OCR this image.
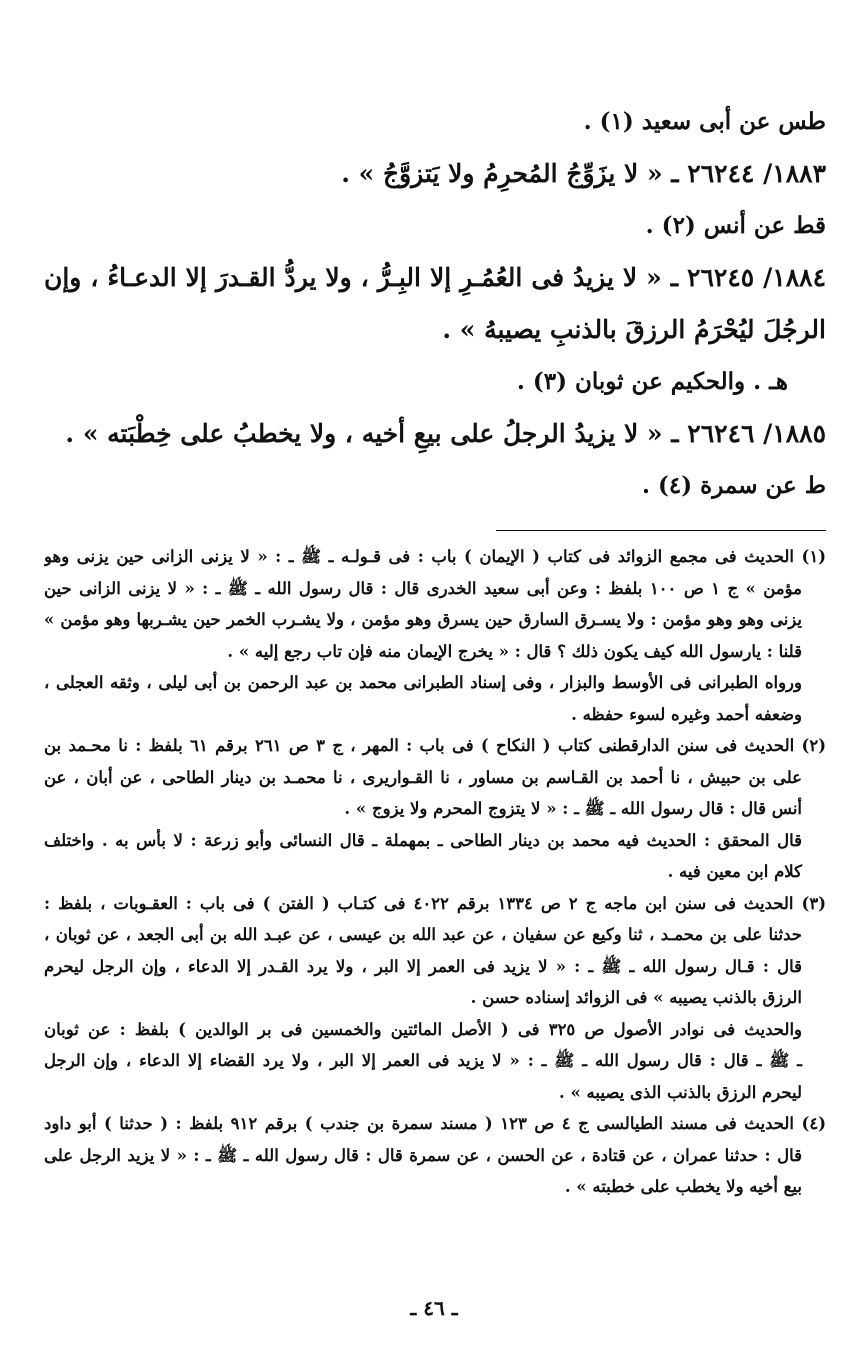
طس عن أبى سعيد (١) .
١٨٨٣/ ٢٦٢٤٤ ـ « لا يزَوِّجُ المُحرِمُ ولا يَتزوَّجُ » .
قط عن أنس (٢) .
١٨٨٤/ ٢٦٢٤٥ ـ « لا يزيدُ فى العُمُـرِ إلا البِـرُّ ، ولا يردُّ القـدرَ إلا الدعـاءُ ، وإن
الرجُلَ ليُحْرَمُ الرزقَ بالذنبِ يصيبهُ » .
هـ . والحكيم عن ثوبان (٣) .
١٨٨٥/ ٢٦٢٤٦ ـ « لا يزيدُ الرجلُ على بيعِ أخيه ، ولا يخطبُ على خِطْبَته » .
ط عن سمرة (٤) .
(١) الحديث فى مجمع الزوائد فى كتاب ( الإيمان ) باب : فى قـولـه ـ ﷺ ـ : « لا يزنى الزانى حين يزنى وهو
مؤمن » ج ١ ص ١٠٠ بلفظ : وعن أبى سعيد الخدرى قال : قال رسول الله ـ ﷺ ـ : « لا يزنى الزانى حين
يزنى وهو وهو مؤمن : ولا يسـرق السارق حين يسرق وهو مؤمن ، ولا يشـرب الخمر حين يشـربها وهو مؤمن »
قلنا : يارسول الله كيف يكون ذلك ؟ قال : « يخرج الإيمان منه فإن تاب رجع إليه » .
ورواه الطبرانى فى الأوسط والبزار ، وفى إسناد الطبرانى محمد بن عبد الرحمن بن أبى ليلى ، وثقه العجلى ،
وضعفه أحمد وغيره لسوء حفظه .
(٢) الحديث فى سنن الدارقطنى كتاب ( النكاح ) فى باب : المهر ، ج ٣ ص ٢٦١ برقم ٦١ بلفظ : نا محـمد بن
على بن حبيش ، نا أحمد بن القـاسم بن مساور ، نا القـواريرى ، نا محمـد بن دينار الطاحى ، عن أبان ، عن
أنس قال : قال رسول الله ـ ﷺ ـ : « لا يتزوج المحرم ولا يزوج » .
قال المحقق : الحديث فيه محمد بن دينار الطاحى ـ بمهملة ـ قال النسائى وأبو زرعة : لا بأس به . واختلف
كلام ابن معين فيه .
(٣) الحديث فى سنن ابن ماجه ج ٢ ص ١٣٣٤ برقم ٤٠٢٢ فى كتـاب ( الفتن ) فى باب : العقـوبات ، بلفظ :
حدثنا على بن محمـد ، ثنا وكيع عن سفيان ، عن عبد الله بن عيسى ، عن عبـد الله بن أبى الجعد ، عن ثوبان ،
قال : قـال رسول الله ـ ﷺ ـ : « لا يزيد فى العمر إلا البر ، ولا يرد القـدر إلا الدعاء ، وإن الرجل ليحرم
الرزق بالذنب يصيبه » فى الزوائد إسناده حسن .
والحديث فى نوادر الأصول ص ٣٢٥ فى ( الأصل المائتين والخمسين فى بر الوالدين ) بلفظ : عن ثوبان
ـ ﷺ ـ قال : قال رسول الله ـ ﷺ ـ : « لا يزيد فى العمر إلا البر ، ولا يرد القضاء إلا الدعاء ، وإن الرجل
ليحرم الرزق بالذنب الذى يصيبه » .
(٤) الحديث فى مسند الطيالسى ج ٤ ص ١٢٣ ( مسند سمرة بن جندب ) برقم ٩١٢ بلفظ : ( حدثنا ) أبو داود
قال : حدثنا عمران ، عن قتادة ، عن الحسن ، عن سمرة قال : قال رسول الله ـ ﷺ ـ : « لا يزيد الرجل على
بيع أخيه ولا يخطب على خطبته » .
ـ ٤٦ ـ
